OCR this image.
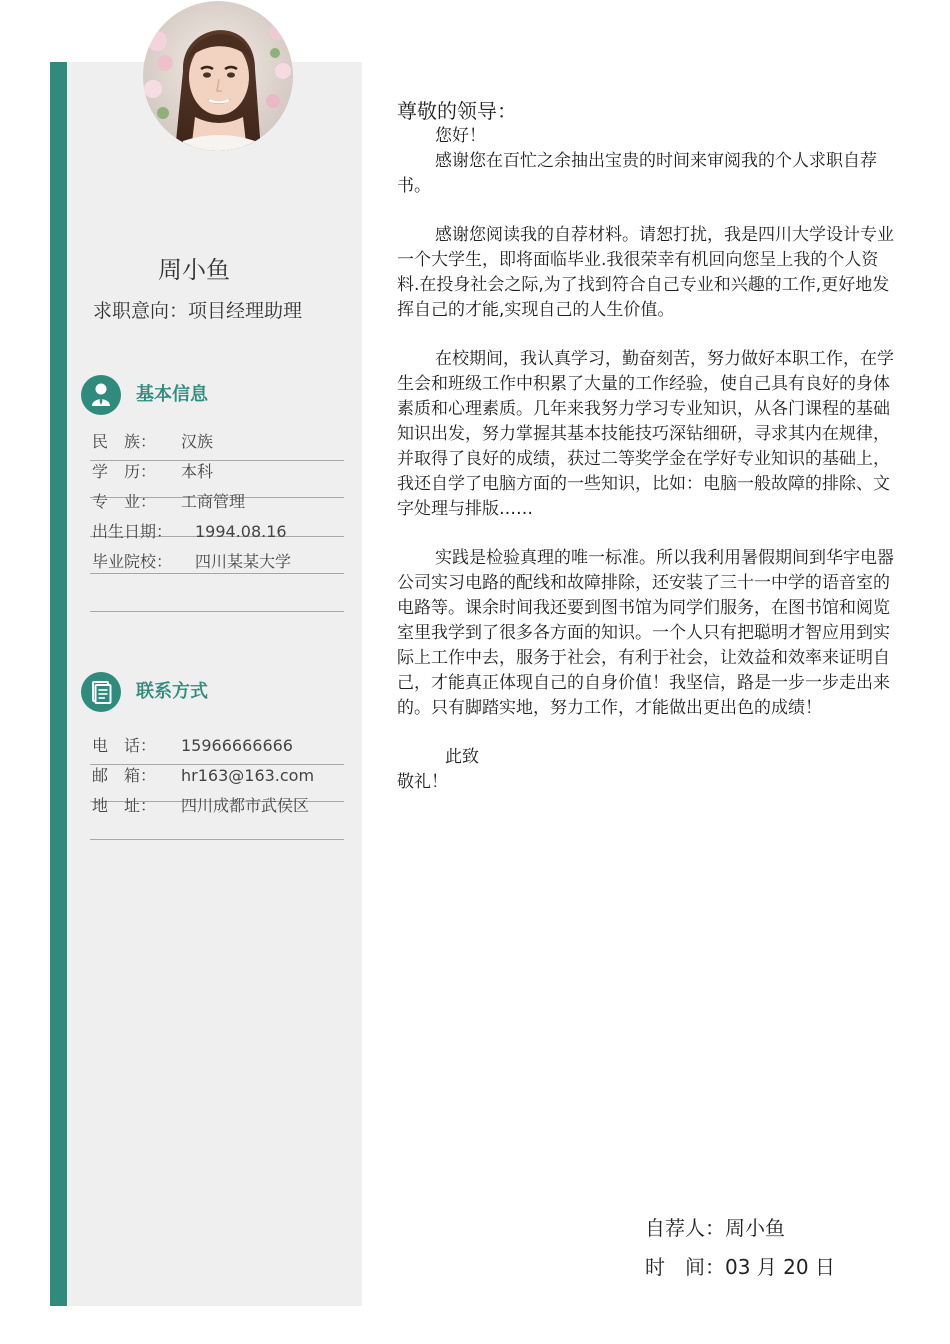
周小鱼
求职意向：项目经理助理
基本信息
民　族： 汉族
学　历： 本科
专　业： 工商管理
出生日期： 1994.08.16
毕业院校： 四川某某大学
联系方式
电　话： 15966666666
邮　箱： hr163@163.com
地　址： 四川成都市武侯区

尊敬的领导：

您好！

感谢您在百忙之余抽出宝贵的时间来审阅我的个人求职自荐书。

感谢您阅读我的自荐材料。请恕打扰，我是四川大学设计专业一个大学生，即将面临毕业.我很荣幸有机回向您呈上我的个人资料.在投身社会之际,为了找到符合自己专业和兴趣的工作,更好地发挥自己的才能,实现自己的人生价值。

在校期间，我认真学习，勤奋刻苦，努力做好本职工作，在学生会和班级工作中积累了大量的工作经验，使自己具有良好的身体素质和心理素质。几年来我努力学习专业知识，从各门课程的基础知识出发，努力掌握其基本技能技巧深钻细研，寻求其内在规律，并取得了良好的成绩，获过二等奖学金在学好专业知识的基础上，我还自学了电脑方面的一些知识，比如：电脑一般故障的排除、文字处理与排版……

实践是检验真理的唯一标准。所以我利用暑假期间到华宇电器公司实习电路的配线和故障排除，还安装了三十一中学的语音室的电路等。课余时间我还要到图书馆为同学们服务，在图书馆和阅览室里我学到了很多各方面的知识。一个人只有把聪明才智应用到实际上工作中去，服务于社会，有利于社会，让效益和效率来证明自己，才能真正体现自己的自身价值！我坚信，路是一步一步走出来的。只有脚踏实地，努力工作，才能做出更出色的成绩！

此致

敬礼！

自荐人：周小鱼
时　间：03 月 20 日
